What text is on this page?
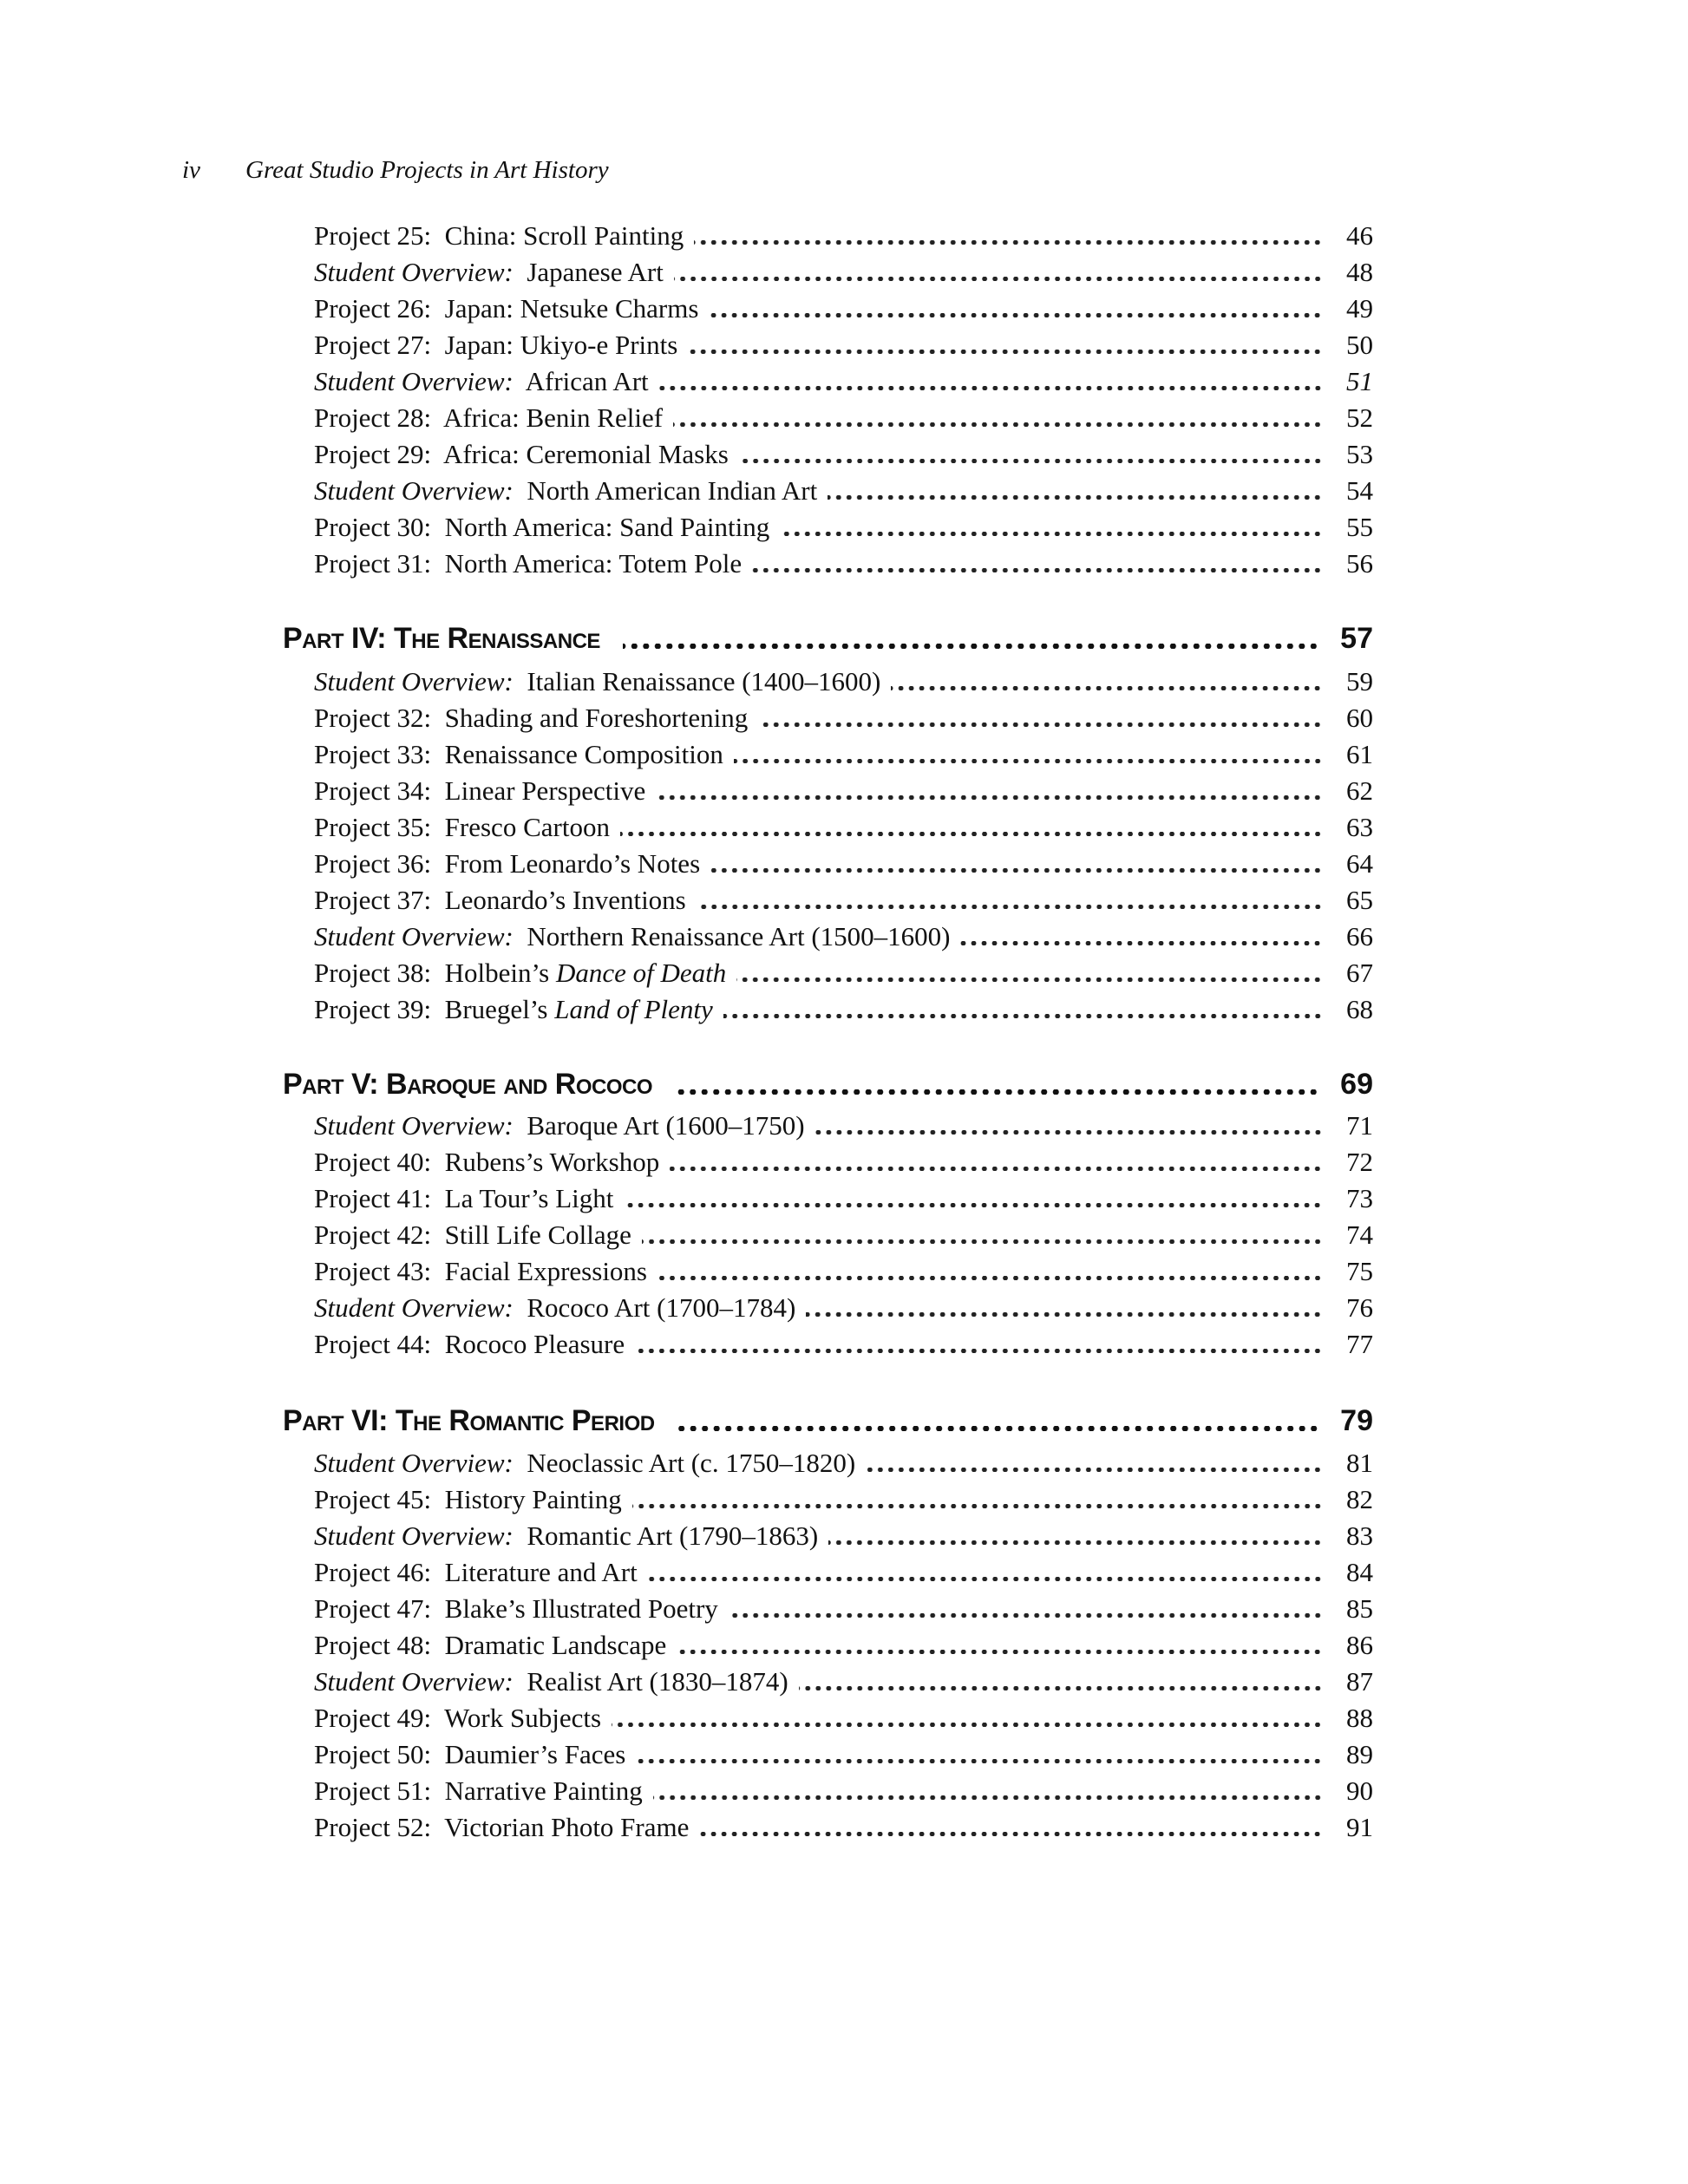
iv Great Studio Projects in Art History
Project 25: China: Scroll Painting	46
Student Overview: Japanese Art	48
Project 26: Japan: Netsuke Charms	49
Project 27: Japan: Ukiyo-e Prints	50
Student Overview: African Art	51
Project 28: Africa: Benin Relief	52
Project 29: Africa: Ceremonial Masks	53
Student Overview: North American Indian Art	54
Project 30: North America: Sand Painting	55
Project 31: North America: Totem Pole	56
Part IV: The Renaissance	57
Student Overview: Italian Renaissance (1400–1600)	59
Project 32: Shading and Foreshortening	60
Project 33: Renaissance Composition	61
Project 34: Linear Perspective	62
Project 35: Fresco Cartoon	63
Project 36: From Leonardo’s Notes	64
Project 37: Leonardo’s Inventions	65
Student Overview: Northern Renaissance Art (1500–1600)	66
Project 38: Holbein’s Dance of Death	67
Project 39: Bruegel’s Land of Plenty	68
Part V: Baroque and Rococo	69
Student Overview: Baroque Art (1600–1750)	71
Project 40: Rubens’s Workshop	72
Project 41: La Tour’s Light	73
Project 42: Still Life Collage	74
Project 43: Facial Expressions	75
Student Overview: Rococo Art (1700–1784)	76
Project 44: Rococo Pleasure	77
Part VI: The Romantic Period	79
Student Overview: Neoclassic Art (c. 1750–1820)	81
Project 45: History Painting	82
Student Overview: Romantic Art (1790–1863)	83
Project 46: Literature and Art	84
Project 47: Blake’s Illustrated Poetry	85
Project 48: Dramatic Landscape	86
Student Overview: Realist Art (1830–1874)	87
Project 49: Work Subjects	88
Project 50: Daumier’s Faces	89
Project 51: Narrative Painting	90
Project 52: Victorian Photo Frame	91
